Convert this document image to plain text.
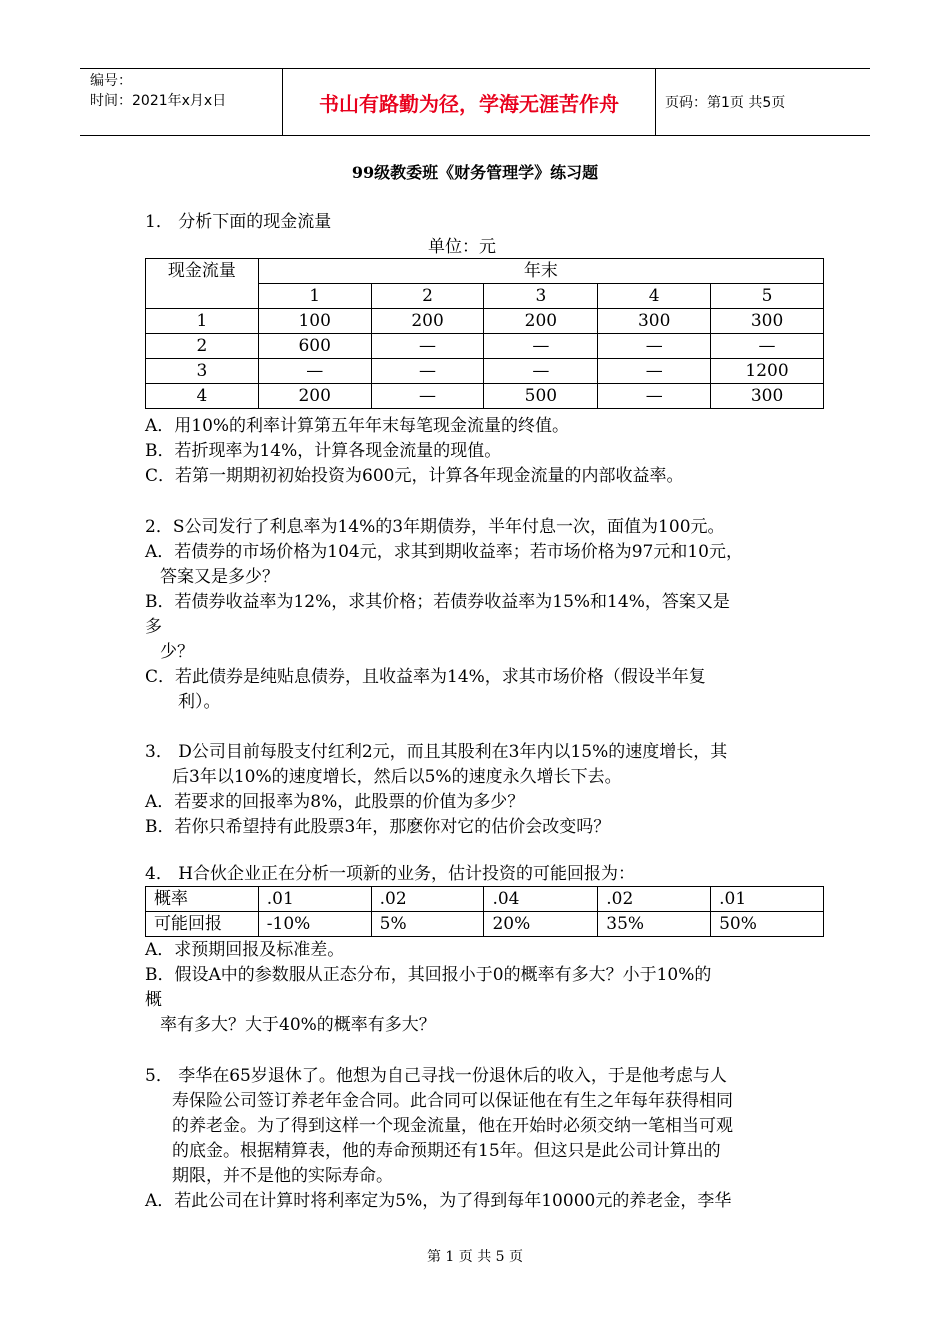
编号：
时间：2021年x月x日	书山有路勤为径，学海无涯苦作舟	页码：第1页 共5页
99级教委班《财务管理学》练习题
1． 分析下面的现金流量
单位：元
现金流量	年末				
	1	2	3	4	5
1	100	200	200	300	300
2	600	—	—	—	—
3	—	—	—	—	1200
4	200	—	500	—	300
A．用10%的利率计算第五年年末每笔现金流量的终值。
B．若折现率为14%，计算各现金流量的现值。
C．若第一期期初初始投资为600元，计算各年现金流量的内部收益率。
2．S公司发行了利息率为14%的3年期债券，半年付息一次，面值为100元。
A．若债券的市场价格为104元，求其到期收益率；若市场价格为97元和10元，
答案又是多少？
B．若债券收益率为12%，求其价格；若债券收益率为15%和14%，答案又是
多
少？
C．若此债券是纯贴息债券，且收益率为14%，求其市场价格（假设半年复
利）。
3． D公司目前每股支付红利2元，而且其股利在3年内以15%的速度增长，其
后3年以10%的速度增长，然后以5%的速度永久增长下去。
A．若要求的回报率为8%，此股票的价值为多少？
B．若你只希望持有此股票3年，那麽你对它的估价会改变吗？
4． H合伙企业正在分析一项新的业务，估计投资的可能回报为：
概率	.01	.02	.04	.02	.01
可能回报	-10%	5%	20%	35%	50%
A．求预期回报及标准差。
B．假设A中的参数服从正态分布，其回报小于0的概率有多大？小于10%的
概
率有多大？大于40%的概率有多大？
5． 李华在65岁退休了。他想为自己寻找一份退休后的收入，于是他考虑与人
寿保险公司签订养老年金合同。此合同可以保证他在有生之年每年获得相同
的养老金。为了得到这样一个现金流量，他在开始时必须交纳一笔相当可观
的底金。根据精算表，他的寿命预期还有15年。但这只是此公司计算出的
期限，并不是他的实际寿命。
A．若此公司在计算时将利率定为5%，为了得到每年10000元的养老金，李华
第 1 页 共 5 页
